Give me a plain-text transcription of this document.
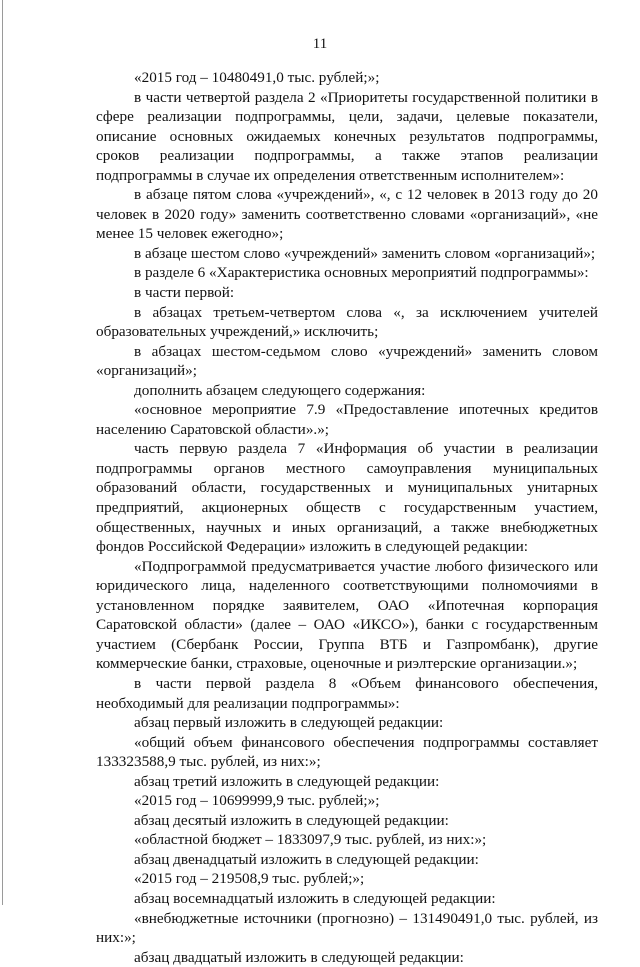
11

«2015 год – 10480491,0 тыс. рублей;»;

в части четвертой раздела 2 «Приоритеты государственной политики в сфере реализации подпрограммы, цели, задачи, целевые показатели, описание основных ожидаемых конечных результатов подпрограммы, сроков реализации подпрограммы, а также этапов реализации подпрограммы в случае их определения ответственным исполнителем»:

в абзаце пятом слова «учреждений», «, с 12 человек в 2013 году до 20 человек в 2020 году» заменить соответственно словами «организаций», «не менее 15 человек ежегодно»;

в абзаце шестом слово «учреждений» заменить словом «организаций»;

в разделе 6 «Характеристика основных мероприятий подпрограммы»:

в части первой:

в абзацах третьем-четвертом слова «, за исключением учителей образовательных учреждений,» исключить;

в абзацах шестом-седьмом слово «учреждений» заменить словом «организаций»;

дополнить абзацем следующего содержания:

«основное мероприятие 7.9 «Предоставление ипотечных кредитов населению Саратовской области».»;

часть первую раздела 7 «Информация об участии в реализации подпрограммы органов местного самоуправления муниципальных образований области, государственных и муниципальных унитарных предприятий, акционерных обществ с государственным участием, общественных, научных и иных организаций, а также внебюджетных фондов Российской Федерации» изложить в следующей редакции:

«Подпрограммой предусматривается участие любого физического или юридического лица, наделенного соответствующими полномочиями в установленном порядке заявителем, ОАО «Ипотечная корпорация Саратовской области» (далее – ОАО «ИКСО»), банки с государственным участием (Сбербанк России, Группа ВТБ и Газпромбанк), другие коммерческие банки, страховые, оценочные и риэлтерские организации.»;

в части первой раздела 8 «Объем финансового обеспечения, необходимый для реализации подпрограммы»:

абзац первый изложить в следующей редакции:

«общий объем финансового обеспечения подпрограммы составляет 133323588,9 тыс. рублей, из них:»;

абзац третий изложить в следующей редакции:

«2015 год – 10699999,9 тыс. рублей;»;

абзац десятый изложить в следующей редакции:

«областной бюджет – 1833097,9 тыс. рублей, из них:»;

абзац двенадцатый изложить в следующей редакции:

«2015 год – 219508,9 тыс. рублей;»;

абзац восемнадцатый изложить в следующей редакции:

«внебюджетные источники (прогнозно) – 131490491,0 тыс. рублей, из них:»;

абзац двадцатый изложить в следующей редакции:
